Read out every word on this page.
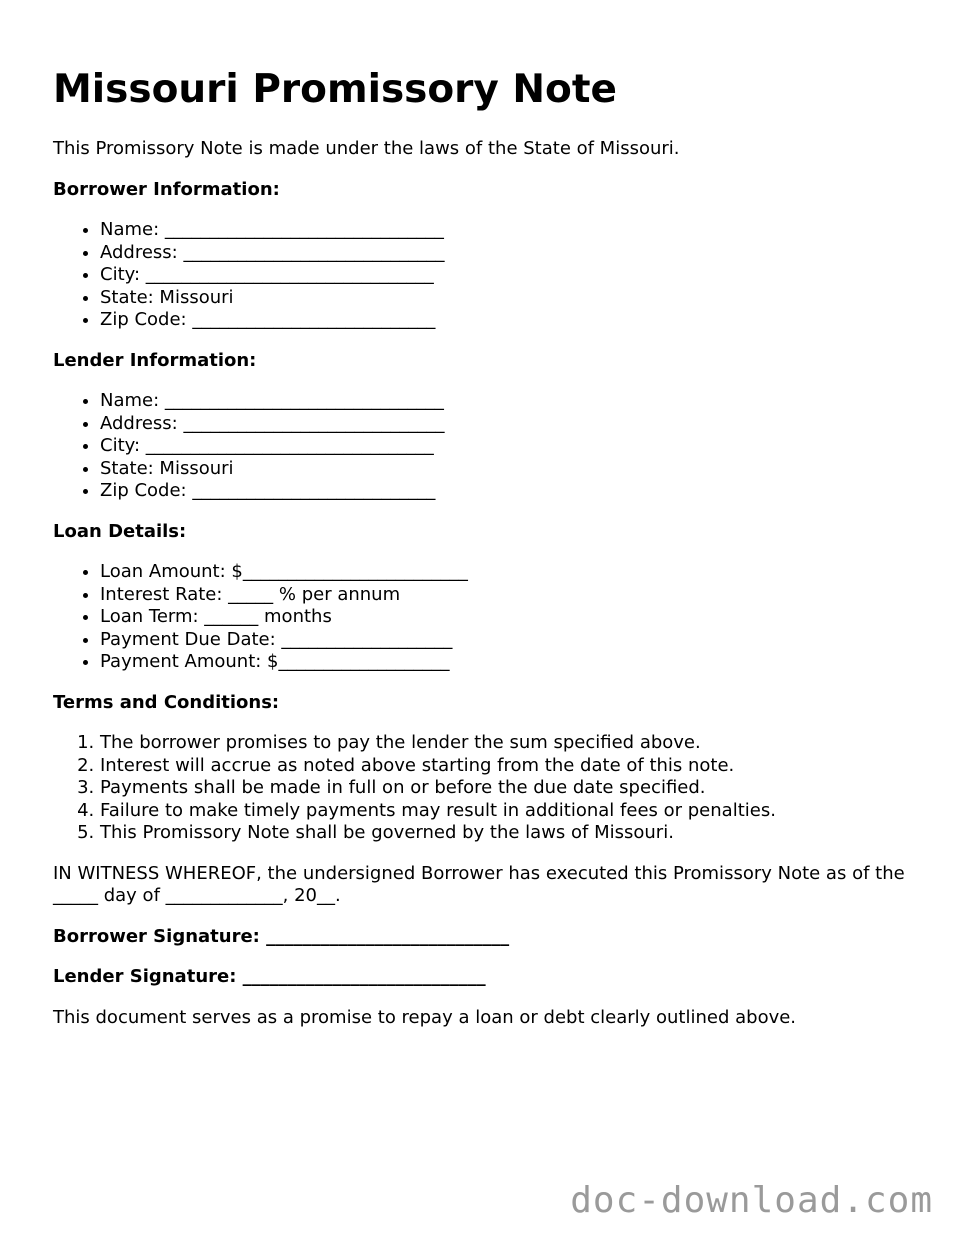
Missouri Promissory Note

This Promissory Note is made under the laws of the State of Missouri.

Borrower Information:
• Name: _______________________________
• Address: _____________________________
• City: ________________________________
• State: Missouri
• Zip Code: ___________________________
Lender Information:
• Name: _______________________________
• Address: _____________________________
• City: ________________________________
• State: Missouri
• Zip Code: ___________________________
Loan Details:
• Loan Amount: $_________________________
• Interest Rate: _____ % per annum
• Loan Term: ______ months
• Payment Due Date: ___________________
• Payment Amount: $___________________
Terms and Conditions:
1. The borrower promises to pay the lender the sum specified above.
2. Interest will accrue as noted above starting from the date of this note.
3. Payments shall be made in full on or before the due date specified.
4. Failure to make timely payments may result in additional fees or penalties.
5. This Promissory Note shall be governed by the laws of Missouri.

IN WITNESS WHEREOF, the undersigned Borrower has executed this Promissory Note as of the _____ day of _____________, 20__.

Borrower Signature: ___________________________
Lender Signature: ___________________________

This document serves as a promise to repay a loan or debt clearly outlined above.

doc-download.com
